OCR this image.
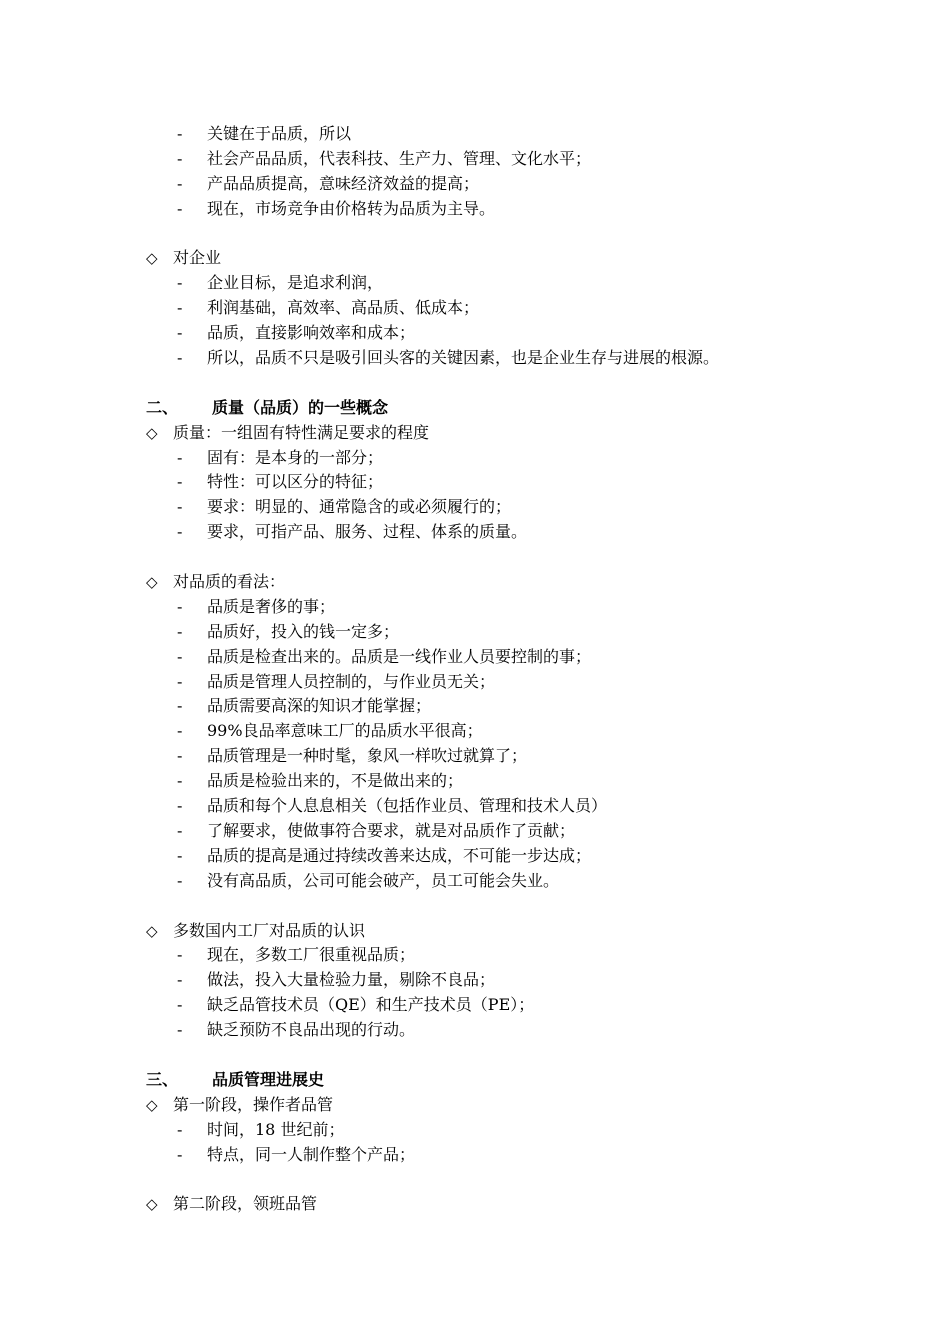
- 关键在于品质，所以
- 社会产品品质，代表科技、生产力、管理、文化水平；
- 产品品质提高，意味经济效益的提高；
- 现在，市场竞争由价格转为品质为主导。
◇ 对企业
- 企业目标，是追求利润，
- 利润基础，高效率、高品质、低成本；
- 品质，直接影响效率和成本；
- 所以，品质不只是吸引回头客的关键因素，也是企业生存与进展的根源。
二、 质量（品质）的一些概念
◇ 质量：一组固有特性满足要求的程度
- 固有：是本身的一部分；
- 特性：可以区分的特征；
- 要求：明显的、通常隐含的或必须履行的；
- 要求，可指产品、服务、过程、体系的质量。
◇ 对品质的看法：
- 品质是奢侈的事；
- 品质好，投入的钱一定多；
- 品质是检查出来的。品质是一线作业人员要控制的事；
- 品质是管理人员控制的，与作业员无关；
- 品质需要高深的知识才能掌握；
- 99%良品率意味工厂的品质水平很高；
- 品质管理是一种时髦，象风一样吹过就算了；
- 品质是检验出来的，不是做出来的；
- 品质和每个人息息相关（包括作业员、管理和技术人员）
- 了解要求，使做事符合要求，就是对品质作了贡献；
- 品质的提高是通过持续改善来达成，不可能一步达成；
- 没有高品质，公司可能会破产，员工可能会失业。
◇ 多数国内工厂对品质的认识
- 现在，多数工厂很重视品质；
- 做法，投入大量检验力量，剔除不良品；
- 缺乏品管技术员（QE）和生产技术员（PE）；
- 缺乏预防不良品出现的行动。
三、 品质管理进展史
◇ 第一阶段，操作者品管
- 时间，18 世纪前；
- 特点，同一人制作整个产品；
◇ 第二阶段，领班品管
